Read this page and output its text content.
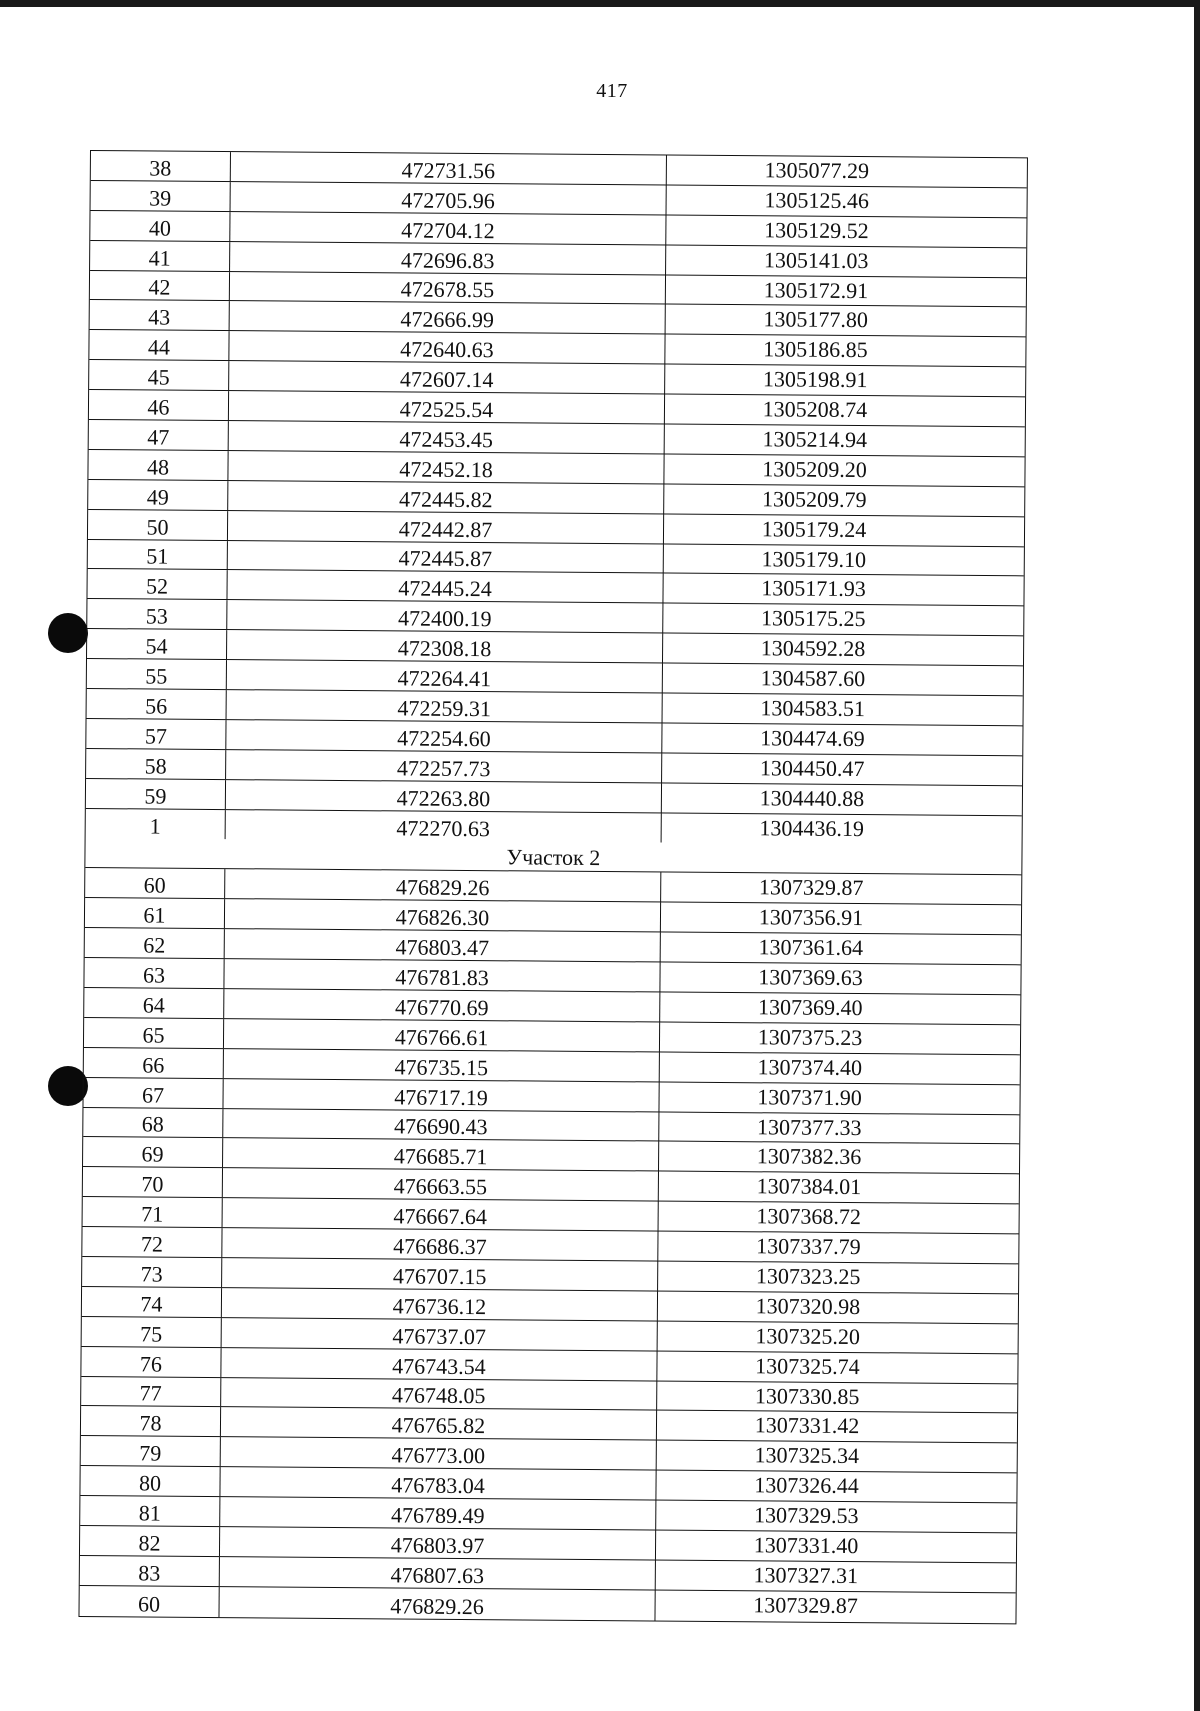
417
38	472731.56	1305077.29
39	472705.96	1305125.46
40	472704.12	1305129.52
41	472696.83	1305141.03
42	472678.55	1305172.91
43	472666.99	1305177.80
44	472640.63	1305186.85
45	472607.14	1305198.91
46	472525.54	1305208.74
47	472453.45	1305214.94
48	472452.18	1305209.20
49	472445.82	1305209.79
50	472442.87	1305179.24
51	472445.87	1305179.10
52	472445.24	1305171.93
53	472400.19	1305175.25
54	472308.18	1304592.28
55	472264.41	1304587.60
56	472259.31	1304583.51
57	472254.60	1304474.69
58	472257.73	1304450.47
59	472263.80	1304440.88
1	472270.63	1304436.19
Участок 2
60	476829.26	1307329.87
61	476826.30	1307356.91
62	476803.47	1307361.64
63	476781.83	1307369.63
64	476770.69	1307369.40
65	476766.61	1307375.23
66	476735.15	1307374.40
67	476717.19	1307371.90
68	476690.43	1307377.33
69	476685.71	1307382.36
70	476663.55	1307384.01
71	476667.64	1307368.72
72	476686.37	1307337.79
73	476707.15	1307323.25
74	476736.12	1307320.98
75	476737.07	1307325.20
76	476743.54	1307325.74
77	476748.05	1307330.85
78	476765.82	1307331.42
79	476773.00	1307325.34
80	476783.04	1307326.44
81	476789.49	1307329.53
82	476803.97	1307331.40
83	476807.63	1307327.31
60	476829.26	1307329.87
